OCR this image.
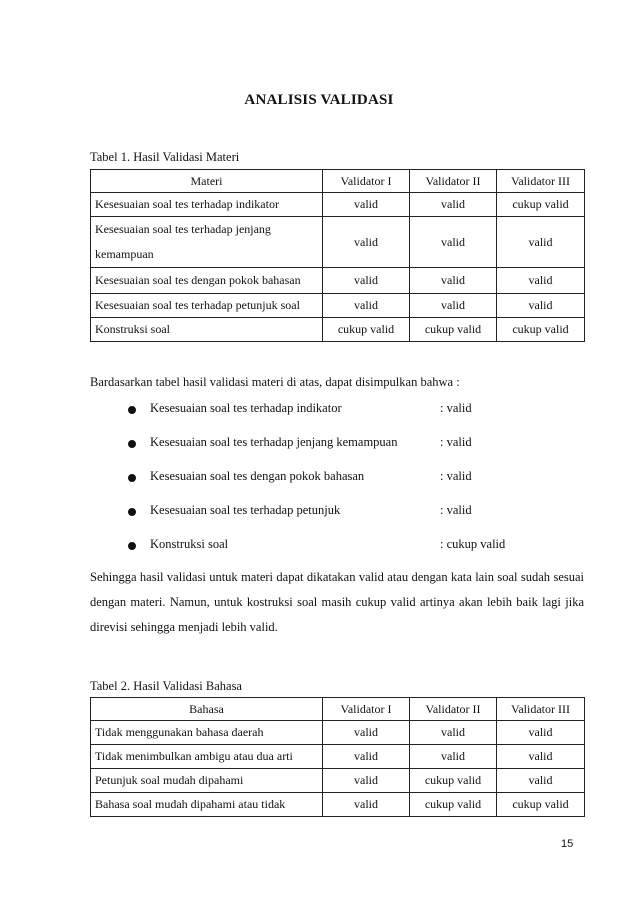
ANALISIS VALIDASI
Tabel 1. Hasil Validasi Materi
Materi	Validator I	Validator II	Validator III
Kesesuaian soal tes terhadap indikator	valid	valid	cukup valid
Kesesuaian soal tes terhadap jenjang kemampuan	valid	valid	valid
Kesesuaian soal tes dengan pokok bahasan	valid	valid	valid
Kesesuaian soal tes terhadap petunjuk soal	valid	valid	valid
Konstruksi soal	cukup valid	cukup valid	cukup valid
Bardasarkan tabel hasil validasi materi di atas, dapat disimpulkan bahwa :
Kesesuaian soal tes terhadap indikator	: valid
Kesesuaian soal tes terhadap jenjang kemampuan	: valid
Kesesuaian soal tes dengan pokok bahasan	: valid
Kesesuaian soal tes terhadap petunjuk	: valid
Konstruksi soal	: cukup valid
Sehingga hasil validasi untuk materi dapat dikatakan valid atau dengan kata lain soal sudah sesuai dengan materi. Namun, untuk kostruksi soal masih cukup valid artinya akan lebih baik lagi jika direvisi sehingga menjadi lebih valid.
Tabel 2. Hasil Validasi Bahasa
Bahasa	Validator I	Validator II	Validator III
Tidak menggunakan bahasa daerah	valid	valid	valid
Tidak menimbulkan ambigu atau dua arti	valid	valid	valid
Petunjuk soal mudah dipahami	valid	cukup valid	valid
Bahasa soal mudah dipahami atau tidak	valid	cukup valid	cukup valid
15
